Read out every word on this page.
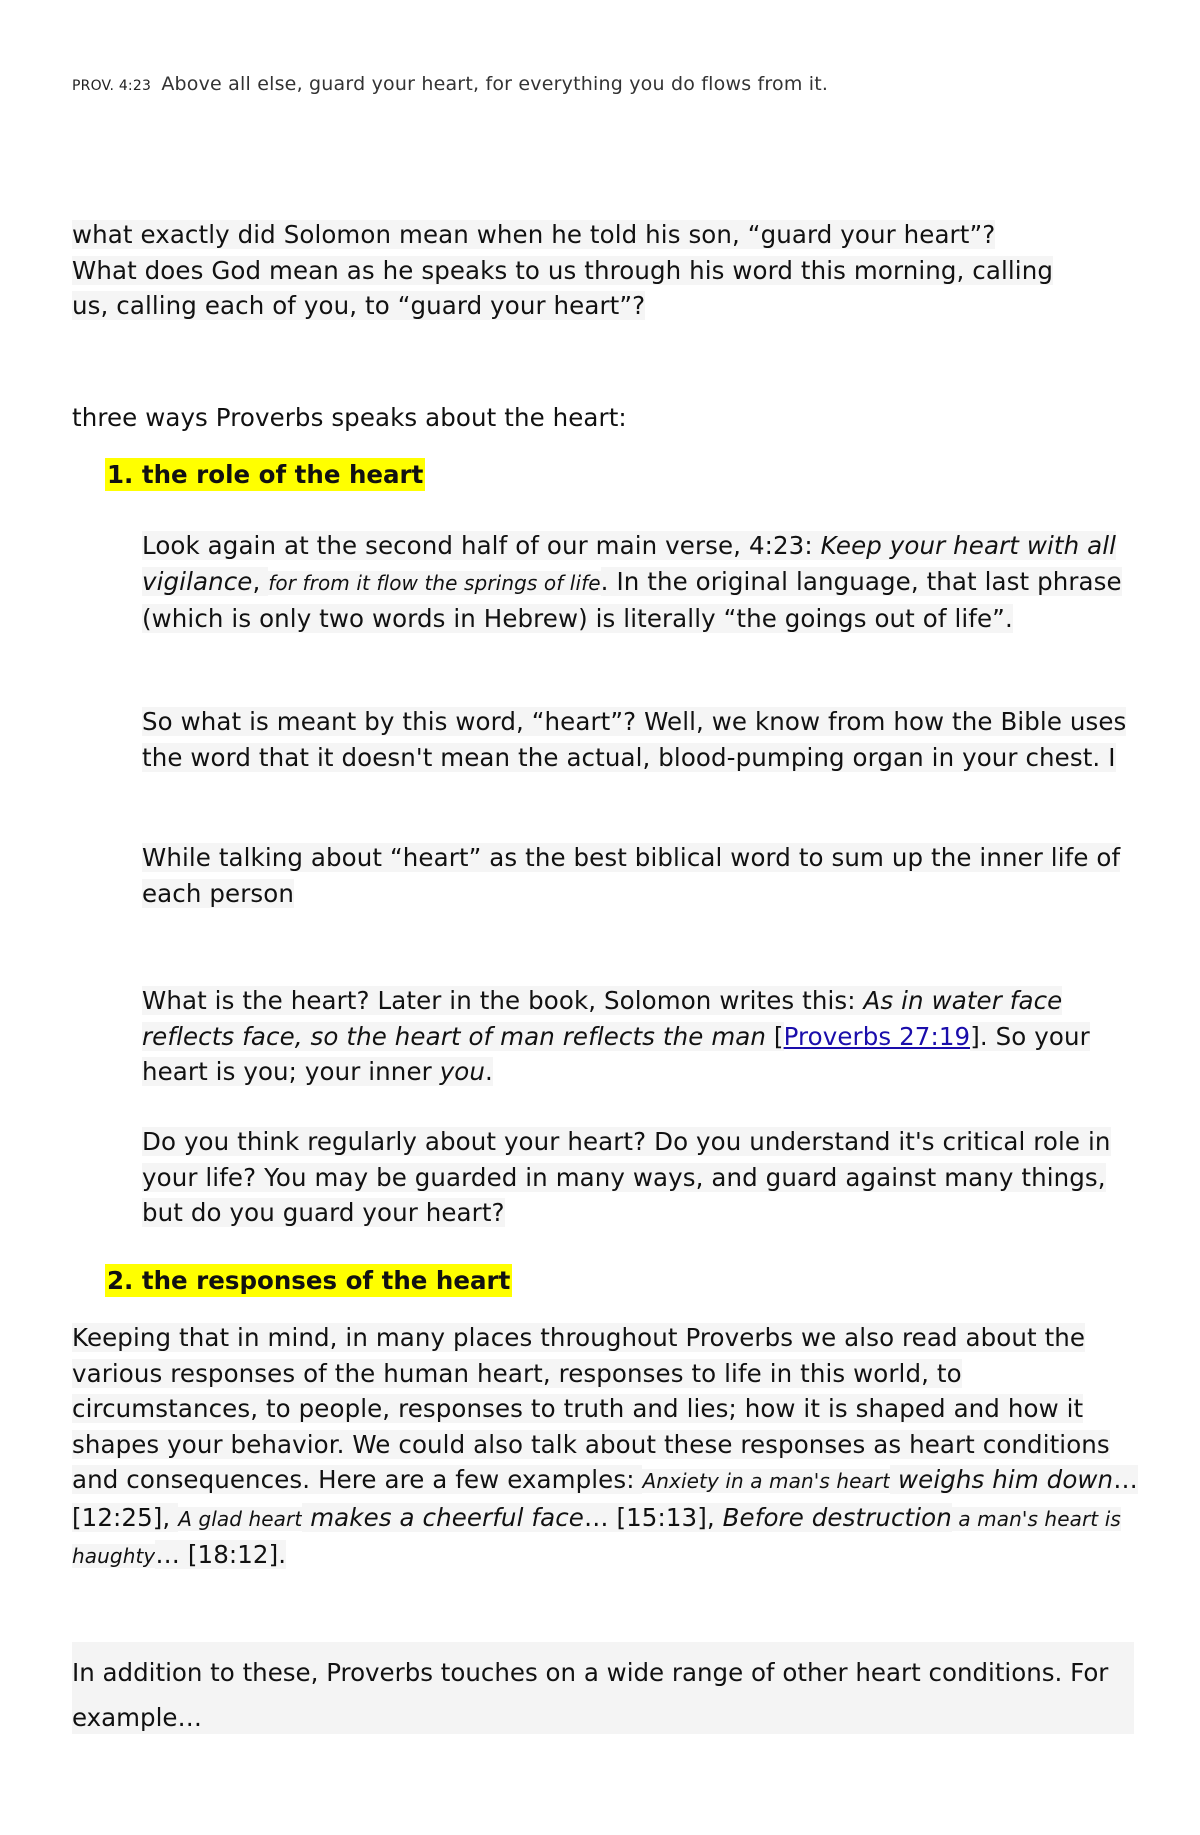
PROV. 4:23 Above all else, guard your heart, for everything you do flows from it.
what exactly did Solomon mean when he told his son, “guard your heart”?
What does God mean as he speaks to us through his word this morning, calling
us, calling each of you, to “guard your heart”?
three ways Proverbs speaks about the heart:
1. the role of the heart
Look again at the second half of our main verse, 4:23: Keep your heart with all vigilance, for from it flow the springs of life. In the original language, that last phrase (which is only two words in Hebrew) is literally “the goings out of life”.
So what is meant by this word, “heart”? Well, we know from how the Bible uses the word that it doesn't mean the actual, blood-pumping organ in your chest. I
While talking about “heart” as the best biblical word to sum up the inner life of each person
What is the heart? Later in the book, Solomon writes this: As in water face reflects face, so the heart of man reflects the man [Proverbs 27:19]. So your heart is you; your inner you.
Do you think regularly about your heart? Do you understand it's critical role in your life? You may be guarded in many ways, and guard against many things, but do you guard your heart?
2. the responses of the heart
Keeping that in mind, in many places throughout Proverbs we also read about the various responses of the human heart, responses to life in this world, to circumstances, to people, responses to truth and lies; how it is shaped and how it shapes your behavior. We could also talk about these responses as heart conditions and consequences. Here are a few examples: Anxiety in a man's heart weighs him down… [12:25], A glad heart makes a cheerful face… [15:13], Before destruction a man's heart is haughty… [18:12].
In addition to these, Proverbs touches on a wide range of other heart conditions. For example…
